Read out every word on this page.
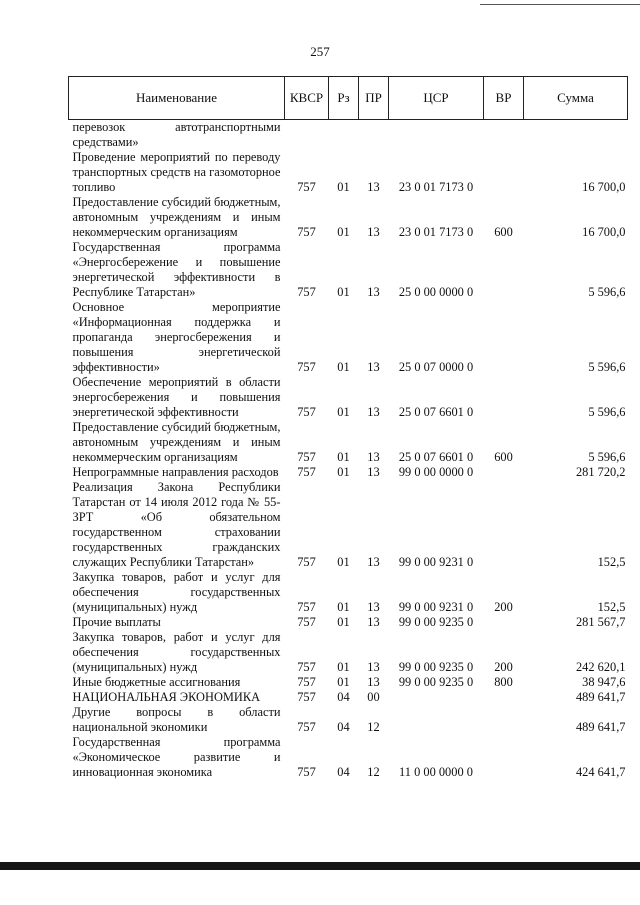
257
Наименование	КВСР	Рз	ПР	ЦСР	ВР	Сумма
перевозок автотранспортными средствами»						
Проведение мероприятий по переводу транспортных средств на газомоторное топливо	757	01	13	23 0 01 7173 0		16 700,0
Предоставление субсидий бюджетным, автономным учреждениям и иным некоммерческим организациям	757	01	13	23 0 01 7173 0	600	16 700,0
Государственная программа «Энергосбережение и повышение энергетической эффективности в Республике Татарстан»	757	01	13	25 0 00 0000 0		5 596,6
Основное мероприятие «Информационная поддержка и пропаганда энергосбережения и повышения энергетической эффективности»	757	01	13	25 0 07 0000 0		5 596,6
Обеспечение мероприятий в области энергосбережения и повышения энергетической эффективности	757	01	13	25 0 07 6601 0		5 596,6
Предоставление субсидий бюджетным, автономным учреждениям и иным некоммерческим организациям	757	01	13	25 0 07 6601 0	600	5 596,6
Непрограммные направления расходов	757	01	13	99 0 00 0000 0		281 720,2
Реализация Закона Республики Татарстан от 14 июля 2012 года № 55-ЗРТ «Об обязательном государственном страховании государственных гражданских служащих Республики Татарстан»	757	01	13	99 0 00 9231 0		152,5
Закупка товаров, работ и услуг для обеспечения государственных (муниципальных) нужд	757	01	13	99 0 00 9231 0	200	152,5
Прочие выплаты	757	01	13	99 0 00 9235 0		281 567,7
Закупка товаров, работ и услуг для обеспечения государственных (муниципальных) нужд	757	01	13	99 0 00 9235 0	200	242 620,1
Иные бюджетные ассигнования	757	01	13	99 0 00 9235 0	800	38 947,6
НАЦИОНАЛЬНАЯ ЭКОНОМИКА	757	04	00			489 641,7
Другие вопросы в области национальной экономики	757	04	12			489 641,7
Государственная программа «Экономическое развитие и инновационная экономика	757	04	12	11 0 00 0000 0		424 641,7
